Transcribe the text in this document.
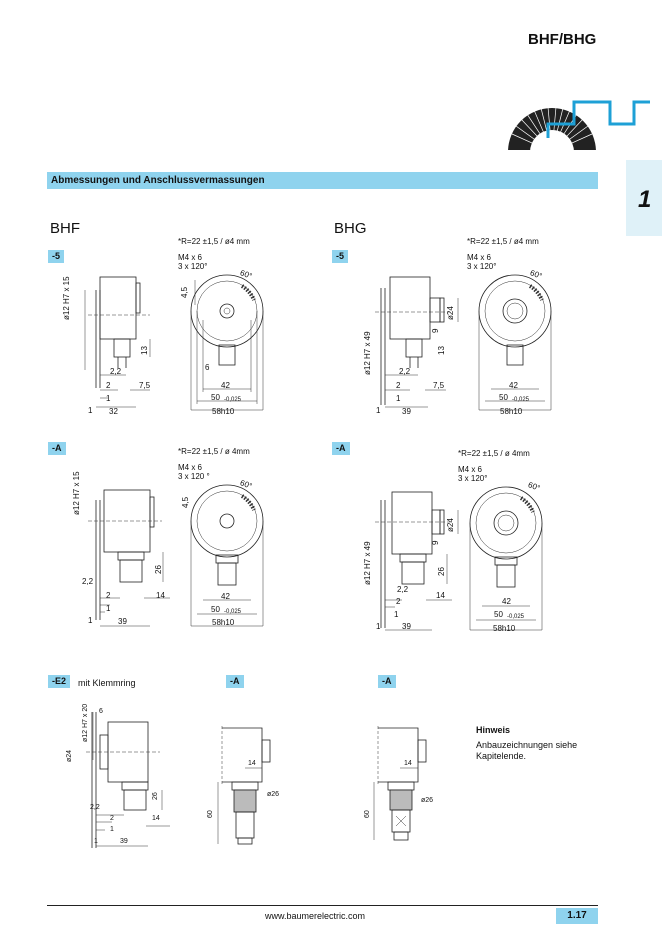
BHF/BHG
Abmessungen und Anschlussvermassungen
1
BHF	BHG
-5	-5
-A	-A
-E2	mit Klemmring	-A	-A
*R=22 ±1,5 / ø4 mm
M4 x 6
3 x 120°
*R=22 ±1,5 / ø4 mm
M4 x 6
3 x 120°
*R=22 ±1,5 / ø 4mm
M4 x 6
3 x 120 °
*R=22 ±1,5 / ø 4mm
M4 x 6
3 x 120°
ø12 H7 x 15	4,5
13
2,2
2	7,5
1
1 32
60°
6
42
50 -0,025
58h10
ø12 H7 x 49
ø24
9
13
2,2
2	7,5
1
1	39
60°
42
50 -0,025
58h10
ø12 H7 x 15	4,5
26
2,2
2	14
1
1	39
60°
42
50 -0,025
58h10
ø12 H7 x 49
ø24
9
26
2,2
2
14
1
1	39
60°
42
50 -0,025
58h10
ø12 H7 x 20
ø24
6
26
2,2
2
1
14
1	39
14
ø26
60
14
ø26
60
Hinweis
Anbauzeichnungen siehe Kapitelende.
www.baumerelectric.com	1.17
